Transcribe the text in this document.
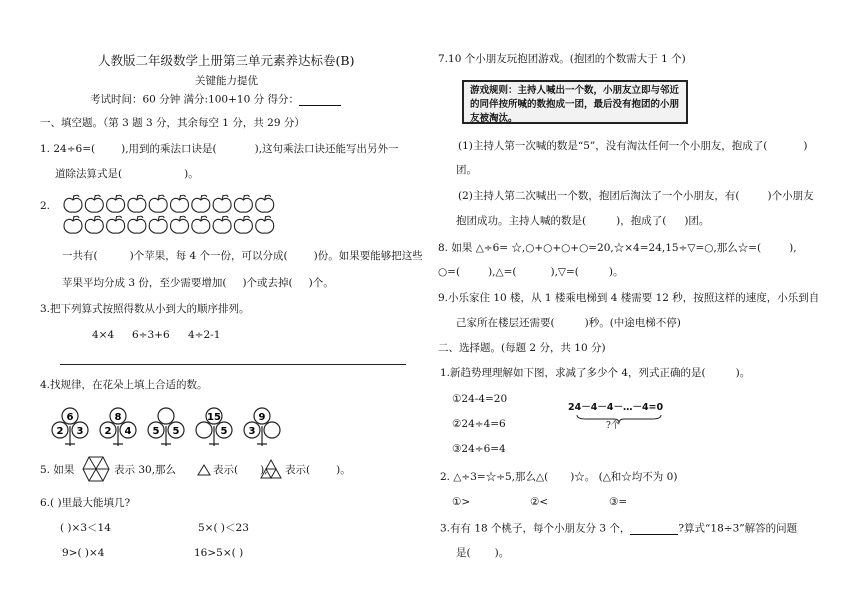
人教版二年级数学上册第三单元素养达标卷(B)
关键能力提优
考试时间：60 分钟 满分:100+10 分 得分：
一、填空题。（第 3 题 3 分，其余每空 1 分，共 29 分）
1. 24÷6=( ),用到的乘法口诀是(	),这句乘法口诀还能写出另外一
道除法算式是(	)。
2.
一共有(	)个苹果，每 4 个一份，可以分成( )份。如果要能够把这些
苹果平均分成 3 份，至少需要增加( )个或去掉( )个。
3.把下列算式按照得数从小到大的顺序排列。
4×4 6÷3+6 4÷2-1
4.找规律，在花朵上填上合适的数。
6
2 3
8
2 4 5 5
15
5
9
3
5. 如果	表示 30,那么	表示( ), 表示( )。
6.( )里最大能填几?
( )×3＜14	5×( )＜23
9>( )×4	16>5×( )
7.10 个小朋友玩抱团游戏。(抱团的个数需大于 1 个)
游戏规则：主持人喊出一个数，小朋友立即与邻近的同伴按所喊的数抱成一团，最后没有抱团的小朋友被淘汰。
(1)主持人第一次喊的数是“5”，没有淘汰任何一个小朋友，抱成了(	)
团。
(2)主持人第二次喊出一个数，抱团后淘汰了一个小朋友，有(	)个小朋友
抱团成功。主持人喊的数是(	)，抱成了( )团。
8. 如果 △÷6= ☆,○+○+○+○=20,☆×4=24,15÷▽=○,那么☆=(	),
○=(	),△=(	),▽=(	)。
9.小乐家住 10 楼，从 1 楼乘电梯到 4 楼需要 12 秒，按照这样的速度，小乐到自
己家所在楼层还需要(	)秒。(中途电梯不停)
二、选择题。(每题 2 分，共 10 分)
1.新趋势理理解如下图，求减了多少个 4，列式正确的是(	)。
①24-4=20
②24÷4=6
③24÷6=4
24－4－4－…－4=0
?个
2. △÷3=☆÷5,那么△( )☆。 (△和☆均不为 0)
①>	②<	③=
3.有有 18 个桃子，每个小朋友分 3 个，	?算式“18÷3”解答的问题
是( )。
